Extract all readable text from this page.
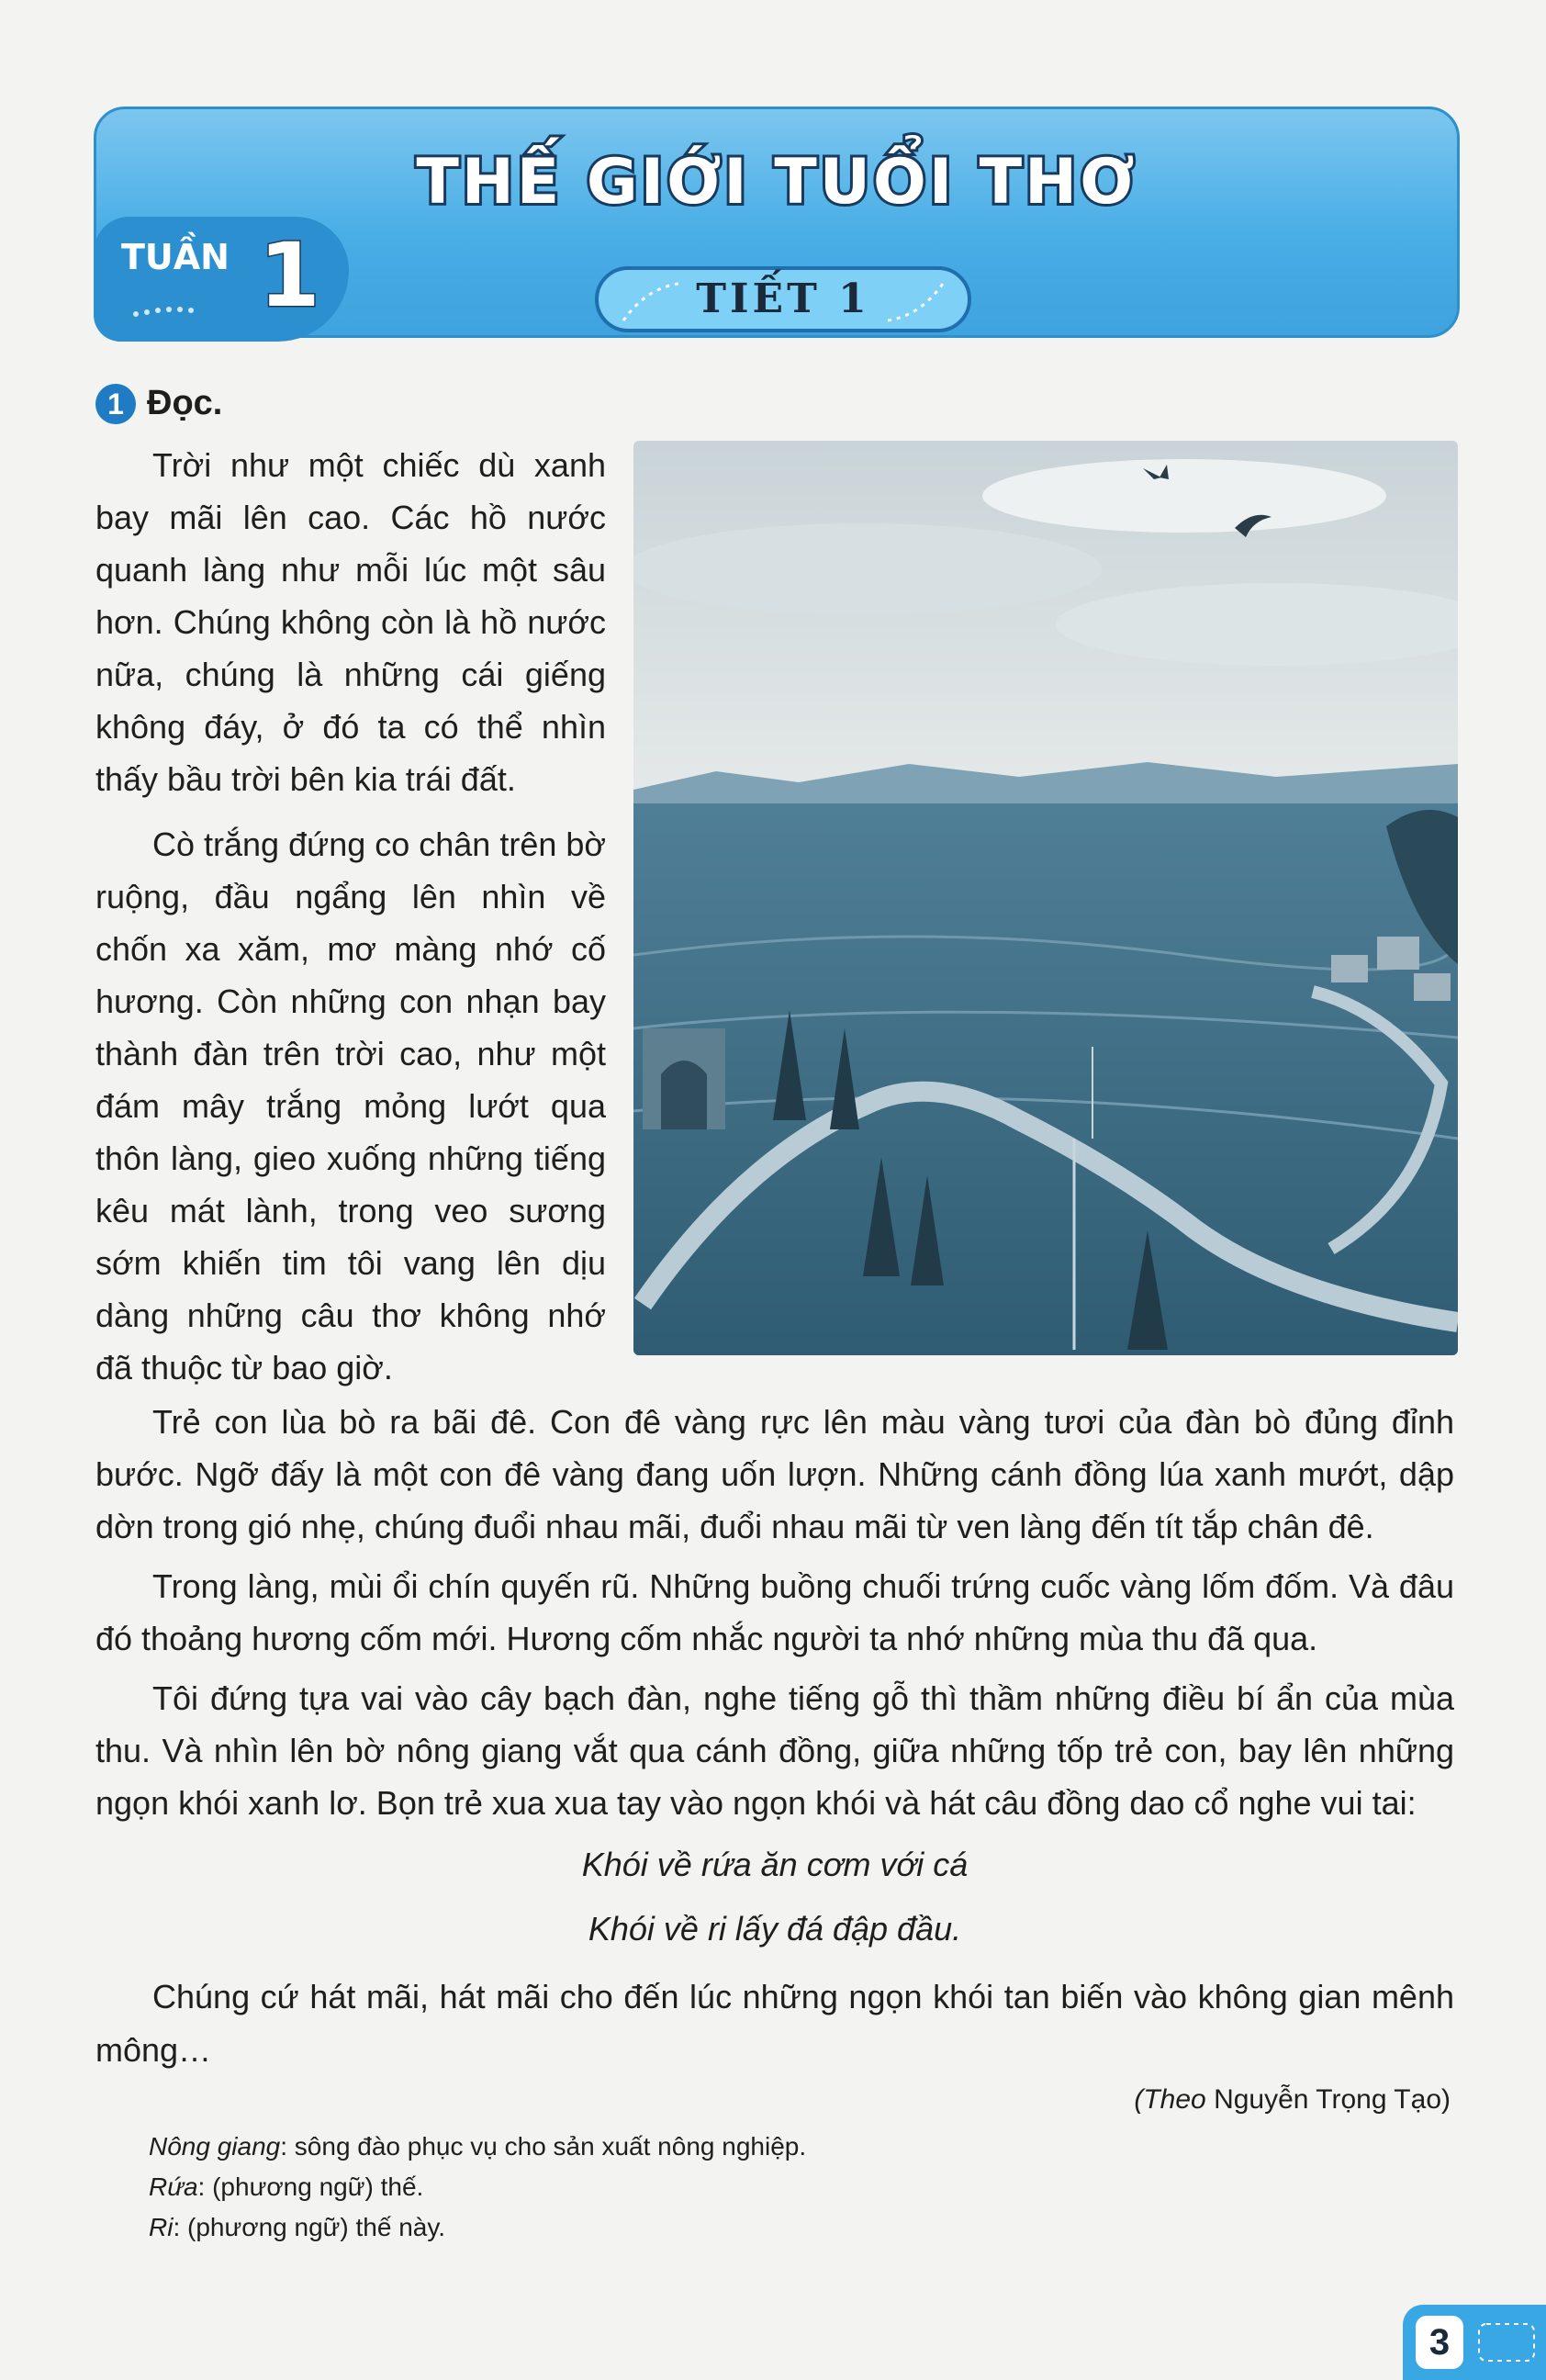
THẾ GIỚI TUỔI THƠ
TUẦN 1	TIẾT 1
1 Đọc.

Trời như một chiếc dù xanh bay mãi lên cao. Các hồ nước quanh làng như mỗi lúc một sâu hơn. Chúng không còn là hồ nước nữa, chúng là những cái giếng không đáy, ở đó ta có thể nhìn thấy bầu trời bên kia trái đất.

Cò trắng đứng co chân trên bờ ruộng, đầu ngẩng lên nhìn về chốn xa xăm, mơ màng nhớ cố hương. Còn những con nhạn bay thành đàn trên trời cao, như một đám mây trắng mỏng lướt qua thôn làng, gieo xuống những tiếng kêu mát lành, trong veo sương sớm khiến tim tôi vang lên dịu dàng những câu thơ không nhớ đã thuộc từ bao giờ.

Trẻ con lùa bò ra bãi đê. Con đê vàng rực lên màu vàng tươi của đàn bò đủng đỉnh bước. Ngỡ đấy là một con đê vàng đang uốn lượn. Những cánh đồng lúa xanh mướt, dập dờn trong gió nhẹ, chúng đuổi nhau mãi, đuổi nhau mãi từ ven làng đến tít tắp chân đê.

Trong làng, mùi ổi chín quyến rũ. Những buồng chuối trứng cuốc vàng lốm đốm. Và đâu đó thoảng hương cốm mới. Hương cốm nhắc người ta nhớ những mùa thu đã qua.

Tôi đứng tựa vai vào cây bạch đàn, nghe tiếng gỗ thì thầm những điều bí ẩn của mùa thu. Và nhìn lên bờ nông giang vắt qua cánh đồng, giữa những tốp trẻ con, bay lên những ngọn khói xanh lơ. Bọn trẻ xua xua tay vào ngọn khói và hát câu đồng dao cổ nghe vui tai:

Khói về rứa ăn cơm với cá
Khói về ri lấy đá đập đầu.

Chúng cứ hát mãi, hát mãi cho đến lúc những ngọn khói tan biến vào không gian mênh mông…

(Theo Nguyễn Trọng Tạo)
Nông giang: sông đào phục vụ cho sản xuất nông nghiệp.
Rứa: (phương ngữ) thế.
Ri: (phương ngữ) thế này.
3
